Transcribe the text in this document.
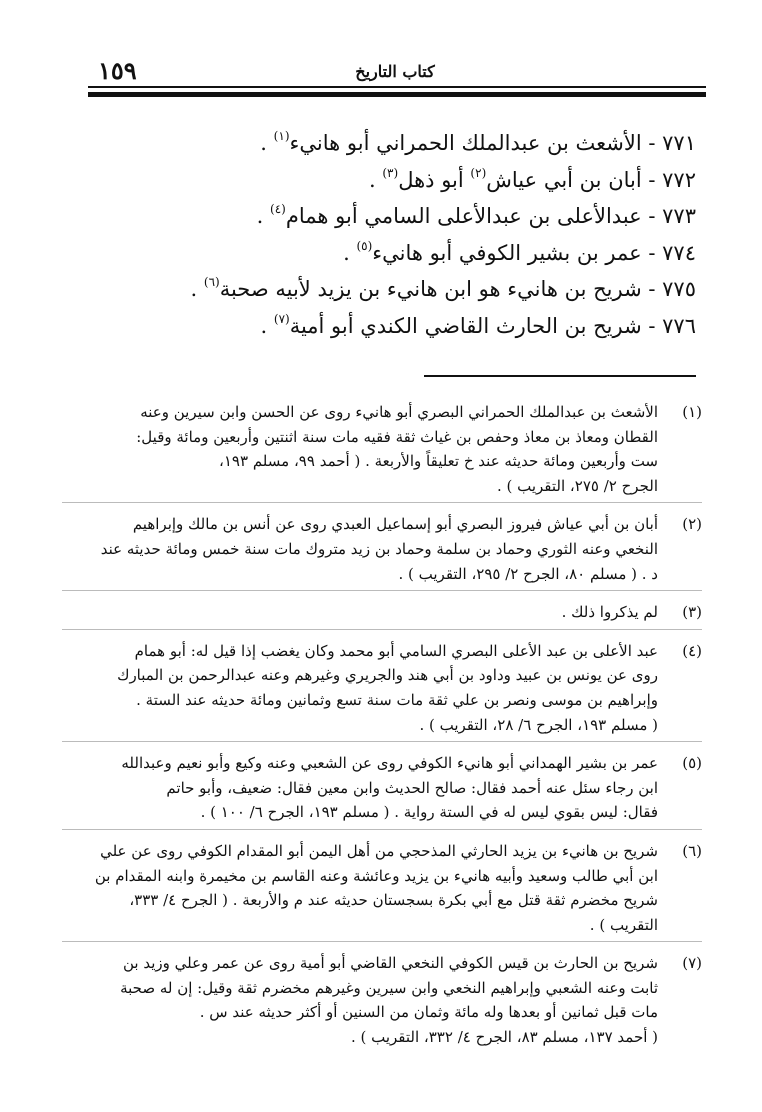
١٥٩	كتاب التاريخ
٧٧١ - الأشعث بن عبدالملك الحمراني أبو هانيء$^{(١)}$ .
٧٧٢ - أبان بن أبي عياش$^{(٢)}$ أبو ذهل$^{(٣)}$ .
٧٧٣ - عبدالأعلى بن عبدالأعلى السامي أبو همام$^{(٤)}$ .
٧٧٤ - عمر بن بشير الكوفي أبو هانيء$^{(٥)}$ .
٧٧٥ - شريح بن هانيء هو ابن هانيء بن يزيد لأبيه صحبة$^{(٦)}$ .
٧٧٦ - شريح بن الحارث القاضي الكندي أبو أمية$^{(٧)}$ .
(١)
الأشعث بن عبدالملك الحمراني البصري أبو هانيء روى عن الحسن وابن سيرين وعنه
القطان ومعاذ بن معاذ وحفص بن غياث ثقة فقيه مات سنة اثنتين وأربعين ومائة وقيل:
ست وأربعين ومائة حديثه عند خ تعليقاً والأربعة . ( أحمد ٩٩، مسلم ١٩٣،
الجرح ٢/ ٢٧٥، التقريب ) .
(٢)
أبان بن أبي عياش فيروز البصري أبو إسماعيل العبدي روى عن أنس بن مالك وإبراهيم
النخعي وعنه الثوري وحماد بن سلمة وحماد بن زيد متروك مات سنة خمس ومائة حديثه عند
د . ( مسلم ٨٠، الجرح ٢/ ٢٩٥، التقريب ) .
(٣)
لم يذكروا ذلك .
(٤)
عبد الأعلى بن عبد الأعلى البصري السامي أبو محمد وكان يغضب إذا قيل له: أبو همام
روى عن يونس بن عبيد وداود بن أبي هند والجريري وغيرهم وعنه عبدالرحمن بن المبارك
وإبراهيم بن موسى ونصر بن علي ثقة مات سنة تسع وثمانين ومائة حديثه عند الستة .
( مسلم ١٩٣، الجرح ٦/ ٢٨، التقريب ) .
(٥)
عمر بن بشير الهمداني أبو هانيء الكوفي روى عن الشعبي وعنه وكيع وأبو نعيم وعبدالله
ابن رجاء سئل عنه أحمد فقال: صالح الحديث وابن معين فقال: ضعيف، وأبو حاتم
فقال: ليس بقوي ليس له في الستة رواية . ( مسلم ١٩٣، الجرح ٦/ ١٠٠ ) .
(٦)
شريح بن هانيء بن يزيد الحارثي المذحجي من أهل اليمن أبو المقدام الكوفي روى عن علي
ابن أبي طالب وسعيد وأبيه هانيء بن يزيد وعائشة وعنه القاسم بن مخيمرة وابنه المقدام بن
شريح مخضرم ثقة قتل مع أبي بكرة بسجستان حديثه عند م والأربعة . ( الجرح ٤/ ٣٣٣،
التقريب ) .
(٧)
شريح بن الحارث بن قيس الكوفي النخعي القاضي أبو أمية روى عن عمر وعلي وزيد بن
ثابت وعنه الشعبي وإبراهيم النخعي وابن سيرين وغيرهم مخضرم ثقة وقيل: إن له صحبة
مات قبل ثمانين أو بعدها وله مائة وثمان من السنين أو أكثر حديثه عند س .
( أحمد ١٣٧، مسلم ٨٣، الجرح ٤/ ٣٣٢، التقريب ) .
